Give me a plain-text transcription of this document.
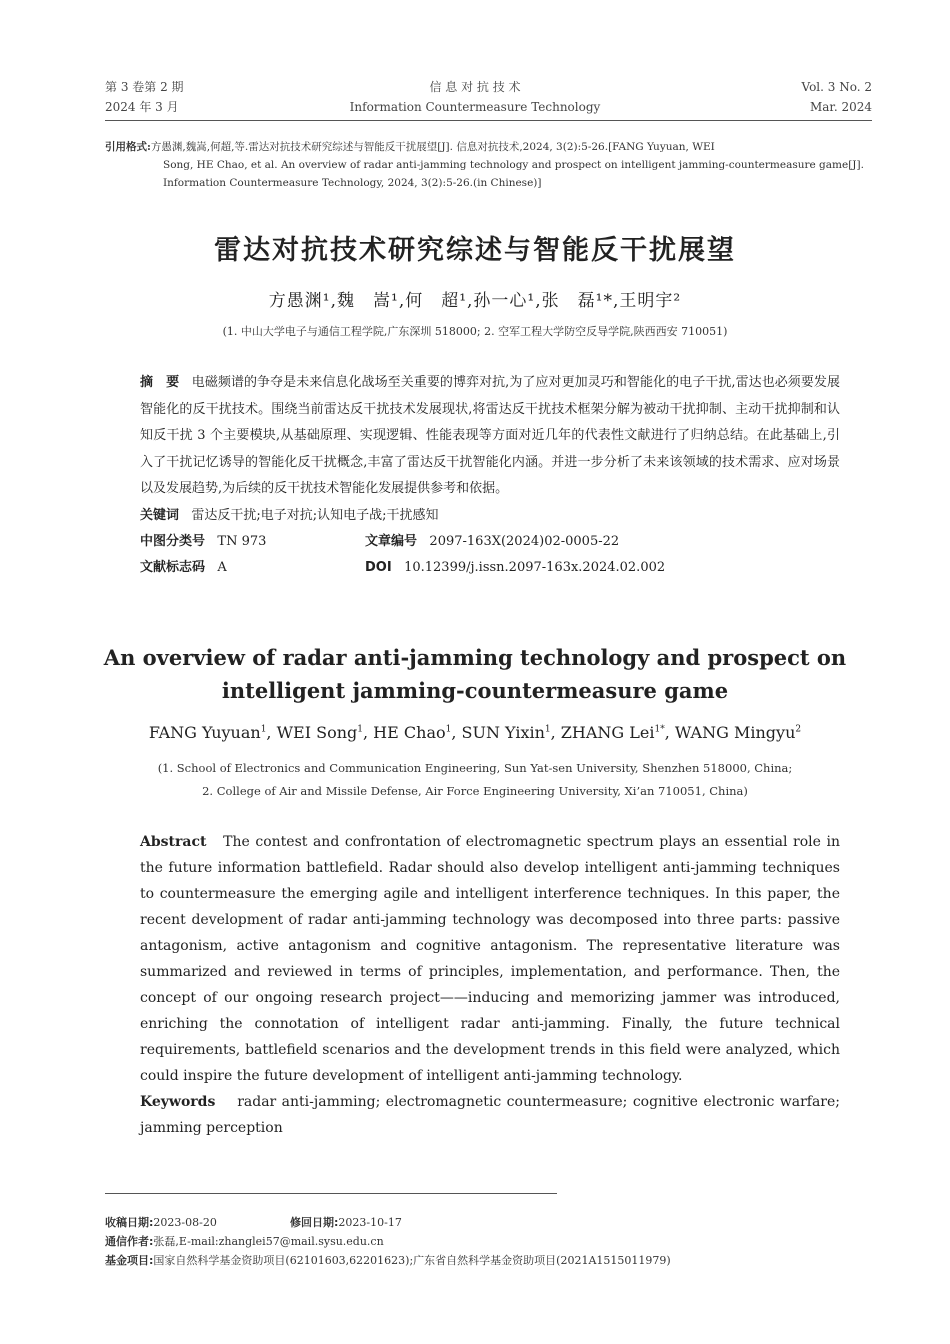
第 3 卷第 2 期
2024 年 3 月
信 息 对 抗 技 术
Information Countermeasure Technology
Vol. 3 No. 2
Mar. 2024
引用格式:方愚渊,魏嵩,何超,等.雷达对抗技术研究综述与智能反干扰展望[J]. 信息对抗技术,2024, 3(2):5-26.[FANG Yuyuan, WEI
Song, HE Chao, et al. An overview of radar anti-jamming technology and prospect on intelligent jamming-countermeasure game[J].
Information Countermeasure Technology, 2024, 3(2):5-26.(in Chinese)]
雷达对抗技术研究综述与智能反干扰展望
方愚渊¹,魏　嵩¹,何　超¹,孙一心¹,张　磊¹*,王明宇²
(1. 中山大学电子与通信工程学院,广东深圳 518000; 2. 空军工程大学防空反导学院,陕西西安 710051)
摘　要 电磁频谱的争夺是未来信息化战场至关重要的博弈对抗,为了应对更加灵巧和智能化的电子干扰,雷达也必须要发展智能化的反干扰技术。围绕当前雷达反干扰技术发展现状,将雷达反干扰技术框架分解为被动干扰抑制、主动干扰抑制和认知反干扰 3 个主要模块,从基础原理、实现逻辑、性能表现等方面对近几年的代表性文献进行了归纳总结。在此基础上,引入了干扰记忆诱导的智能化反干扰概念,丰富了雷达反干扰智能化内涵。并进一步分析了未来该领域的技术需求、应对场景以及发展趋势,为后续的反干扰技术智能化发展提供参考和依据。
关键词 雷达反干扰;电子对抗;认知电子战;干扰感知
中图分类号 TN 973	文章编号 2097-163X(2024)02-0005-22
文献标志码 A	DOI 10.12399/j.issn.2097-163x.2024.02.002
An overview of radar anti-jamming technology and prospect on
intelligent jamming-countermeasure game
FANG Yuyuan$^1$, WEI Song$^1$, HE Chao$^1$, SUN Yixin$^1$, ZHANG Lei$^{1*}$, WANG Mingyu$^2$
(1. School of Electronics and Communication Engineering, Sun Yat-sen University, Shenzhen 518000, China;
2. College of Air and Missile Defense, Air Force Engineering University, Xi’an 710051, China)
Abstract The contest and confrontation of electromagnetic spectrum plays an essential role in the future information battlefield. Radar should also develop intelligent anti-jamming techniques to countermeasure the emerging agile and intelligent interference techniques. In this paper, the recent development of radar anti-jamming technology was decomposed into three parts: passive antagonism, active antagonism and cognitive antagonism. The representative literature was summarized and reviewed in terms of principles, implementation, and performance. Then, the concept of our ongoing research project——inducing and memorizing jammer was introduced, enriching the connotation of intelligent radar anti-jamming. Finally, the future technical requirements, battlefield scenarios and the development trends in this field were analyzed, which could inspire the future development of intelligent anti-jamming technology.
Keywords radar anti-jamming; electromagnetic countermeasure; cognitive electronic warfare; jamming perception
收稿日期:2023-08-20	修回日期:2023-10-17
通信作者:张磊,E-mail:zhanglei57@mail.sysu.edu.cn
基金项目:国家自然科学基金资助项目(62101603,62201623);广东省自然科学基金资助项目(2021A1515011979)
